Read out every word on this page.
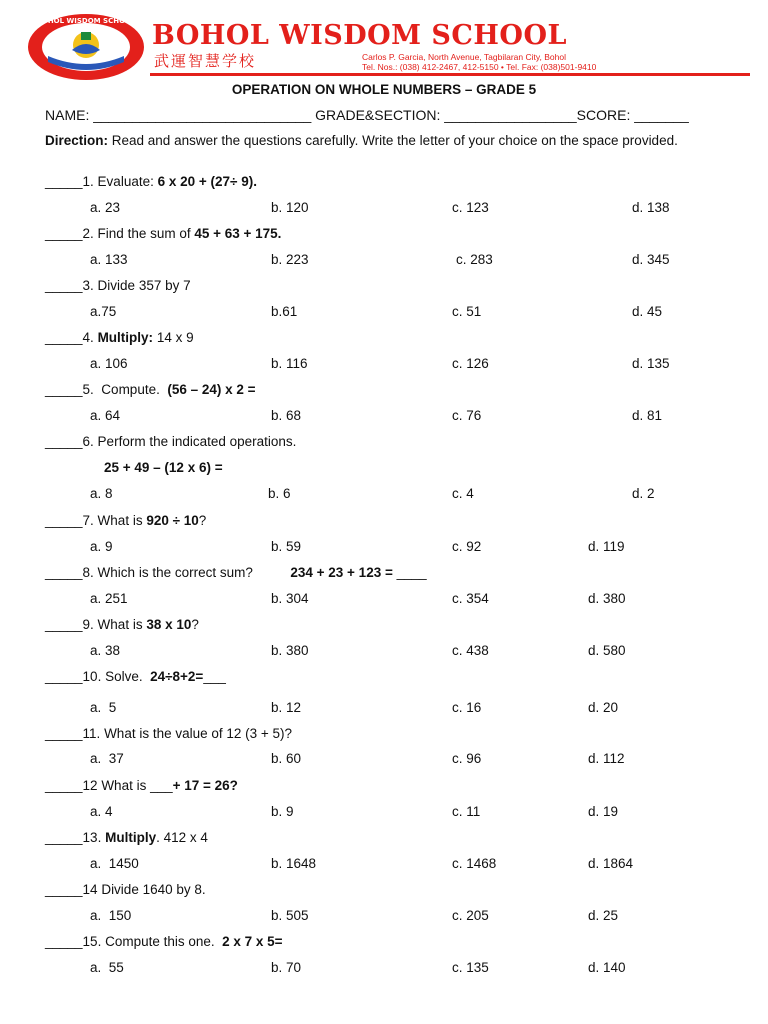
BOHOL WISDOM SCHOOL BOHOL WISDOM SCHOOL
武運智慧学校	Carlos P. Garcia, North Avenue, Tagbilaran City, Bohol
Tel. Nos.: (038) 412-2467, 412-5150 • Tel. Fax: (038)501-9410
OPERATION ON WHOLE NUMBERS – GRADE 5
NAME: ____________________________ GRADE&SECTION: _________________SCORE: _______
Direction: Read and answer the questions carefully. Write the letter of your choice on the space provided.
_____1. Evaluate: 6 x 20 + (27÷ 9).
a. 23	b. 120	c. 123	d. 138
_____2. Find the sum of 45 + 63 + 175.
a. 133	b. 223	c. 283	d. 345
_____3. Divide 357 by 7
a.75	b.61	c. 51	d. 45
_____4. Multiply: 14 x 9
a. 106	b. 116	c. 126	d. 135
_____5.  Compute.  (56 – 24) x 2 =
a. 64	b. 68	c. 76	d. 81
_____6. Perform the indicated operations.
25 + 49 – (12 x 6) =
a. 8	b. 6	c. 4	d. 2
_____7. What is 920 ÷ 10?
a. 9	b. 59	c. 92	d. 119
_____8. Which is the correct sum?          234 + 23 + 123 = ____
a. 251	b. 304	c. 354	d. 380
_____9. What is 38 x 10?
a. 38	b. 380	c. 438	d. 580
_____10. Solve.  24÷8+2=___
a.  5	b. 12	c. 16	d. 20
_____11. What is the value of 12 (3 + 5)?
a.  37	b. 60	c. 96	d. 112
_____12 What is ___+ 17 = 26?
a. 4	b. 9	c. 11	d. 19
_____13. Multiply. 412 x 4
a.  1450	b. 1648	c. 1468	d. 1864
_____14 Divide 1640 by 8.
a.  150	b. 505	c. 205	d. 25
_____15. Compute this one.  2 x 7 x 5=
a.  55	b. 70	c. 135	d. 140
